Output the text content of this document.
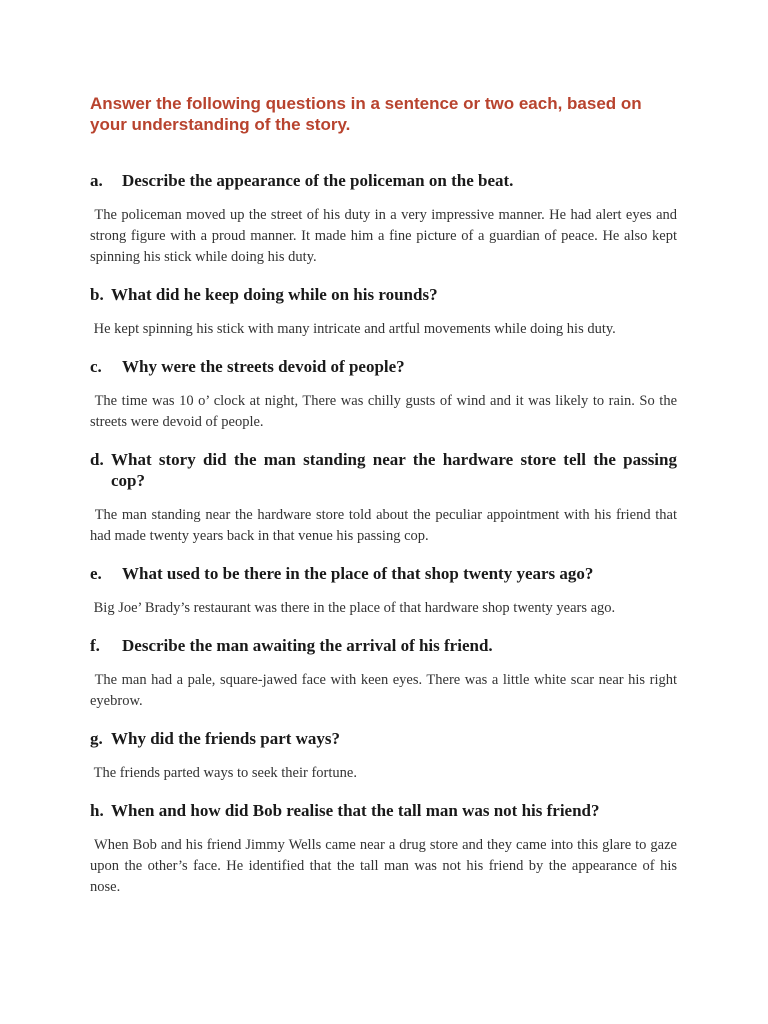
Answer the following questions in a sentence or two each, based on your understanding of the story.

a.	Describe the appearance of the policeman on the beat.

The policeman moved up the street of his duty in a very impressive manner. He had alert eyes and strong figure with a proud manner. It made him a fine picture of a guardian of peace. He also kept spinning his stick while doing his duty.

b. What did he keep doing while on his rounds?

He kept spinning his stick with many intricate and artful movements while doing his duty.

c.	Why were the streets devoid of people?

The time was 10 o’ clock at night, There was chilly gusts of wind and it was likely to rain. So the streets were devoid of people.

d. What story did the man standing near the hardware store tell the passing cop?

The man standing near the hardware store told about the peculiar appointment with his friend that had made twenty years back in that venue his passing cop.

e.	What used to be there in the place of that shop twenty years ago?

Big Joe’ Brady’s restaurant was there in the place of that hardware shop twenty years ago.

f.	Describe the man awaiting the arrival of his friend.

The man had a pale, square-jawed face with keen eyes. There was a little white scar near his right eyebrow.

g. Why did the friends part ways?

The friends parted ways to seek their fortune.

h. When and how did Bob realise that the tall man was not his friend?

When Bob and his friend Jimmy Wells came near a drug store and they came into this glare to gaze upon the other’s face. He identified that the tall man was not his friend by the appearance of his nose.
